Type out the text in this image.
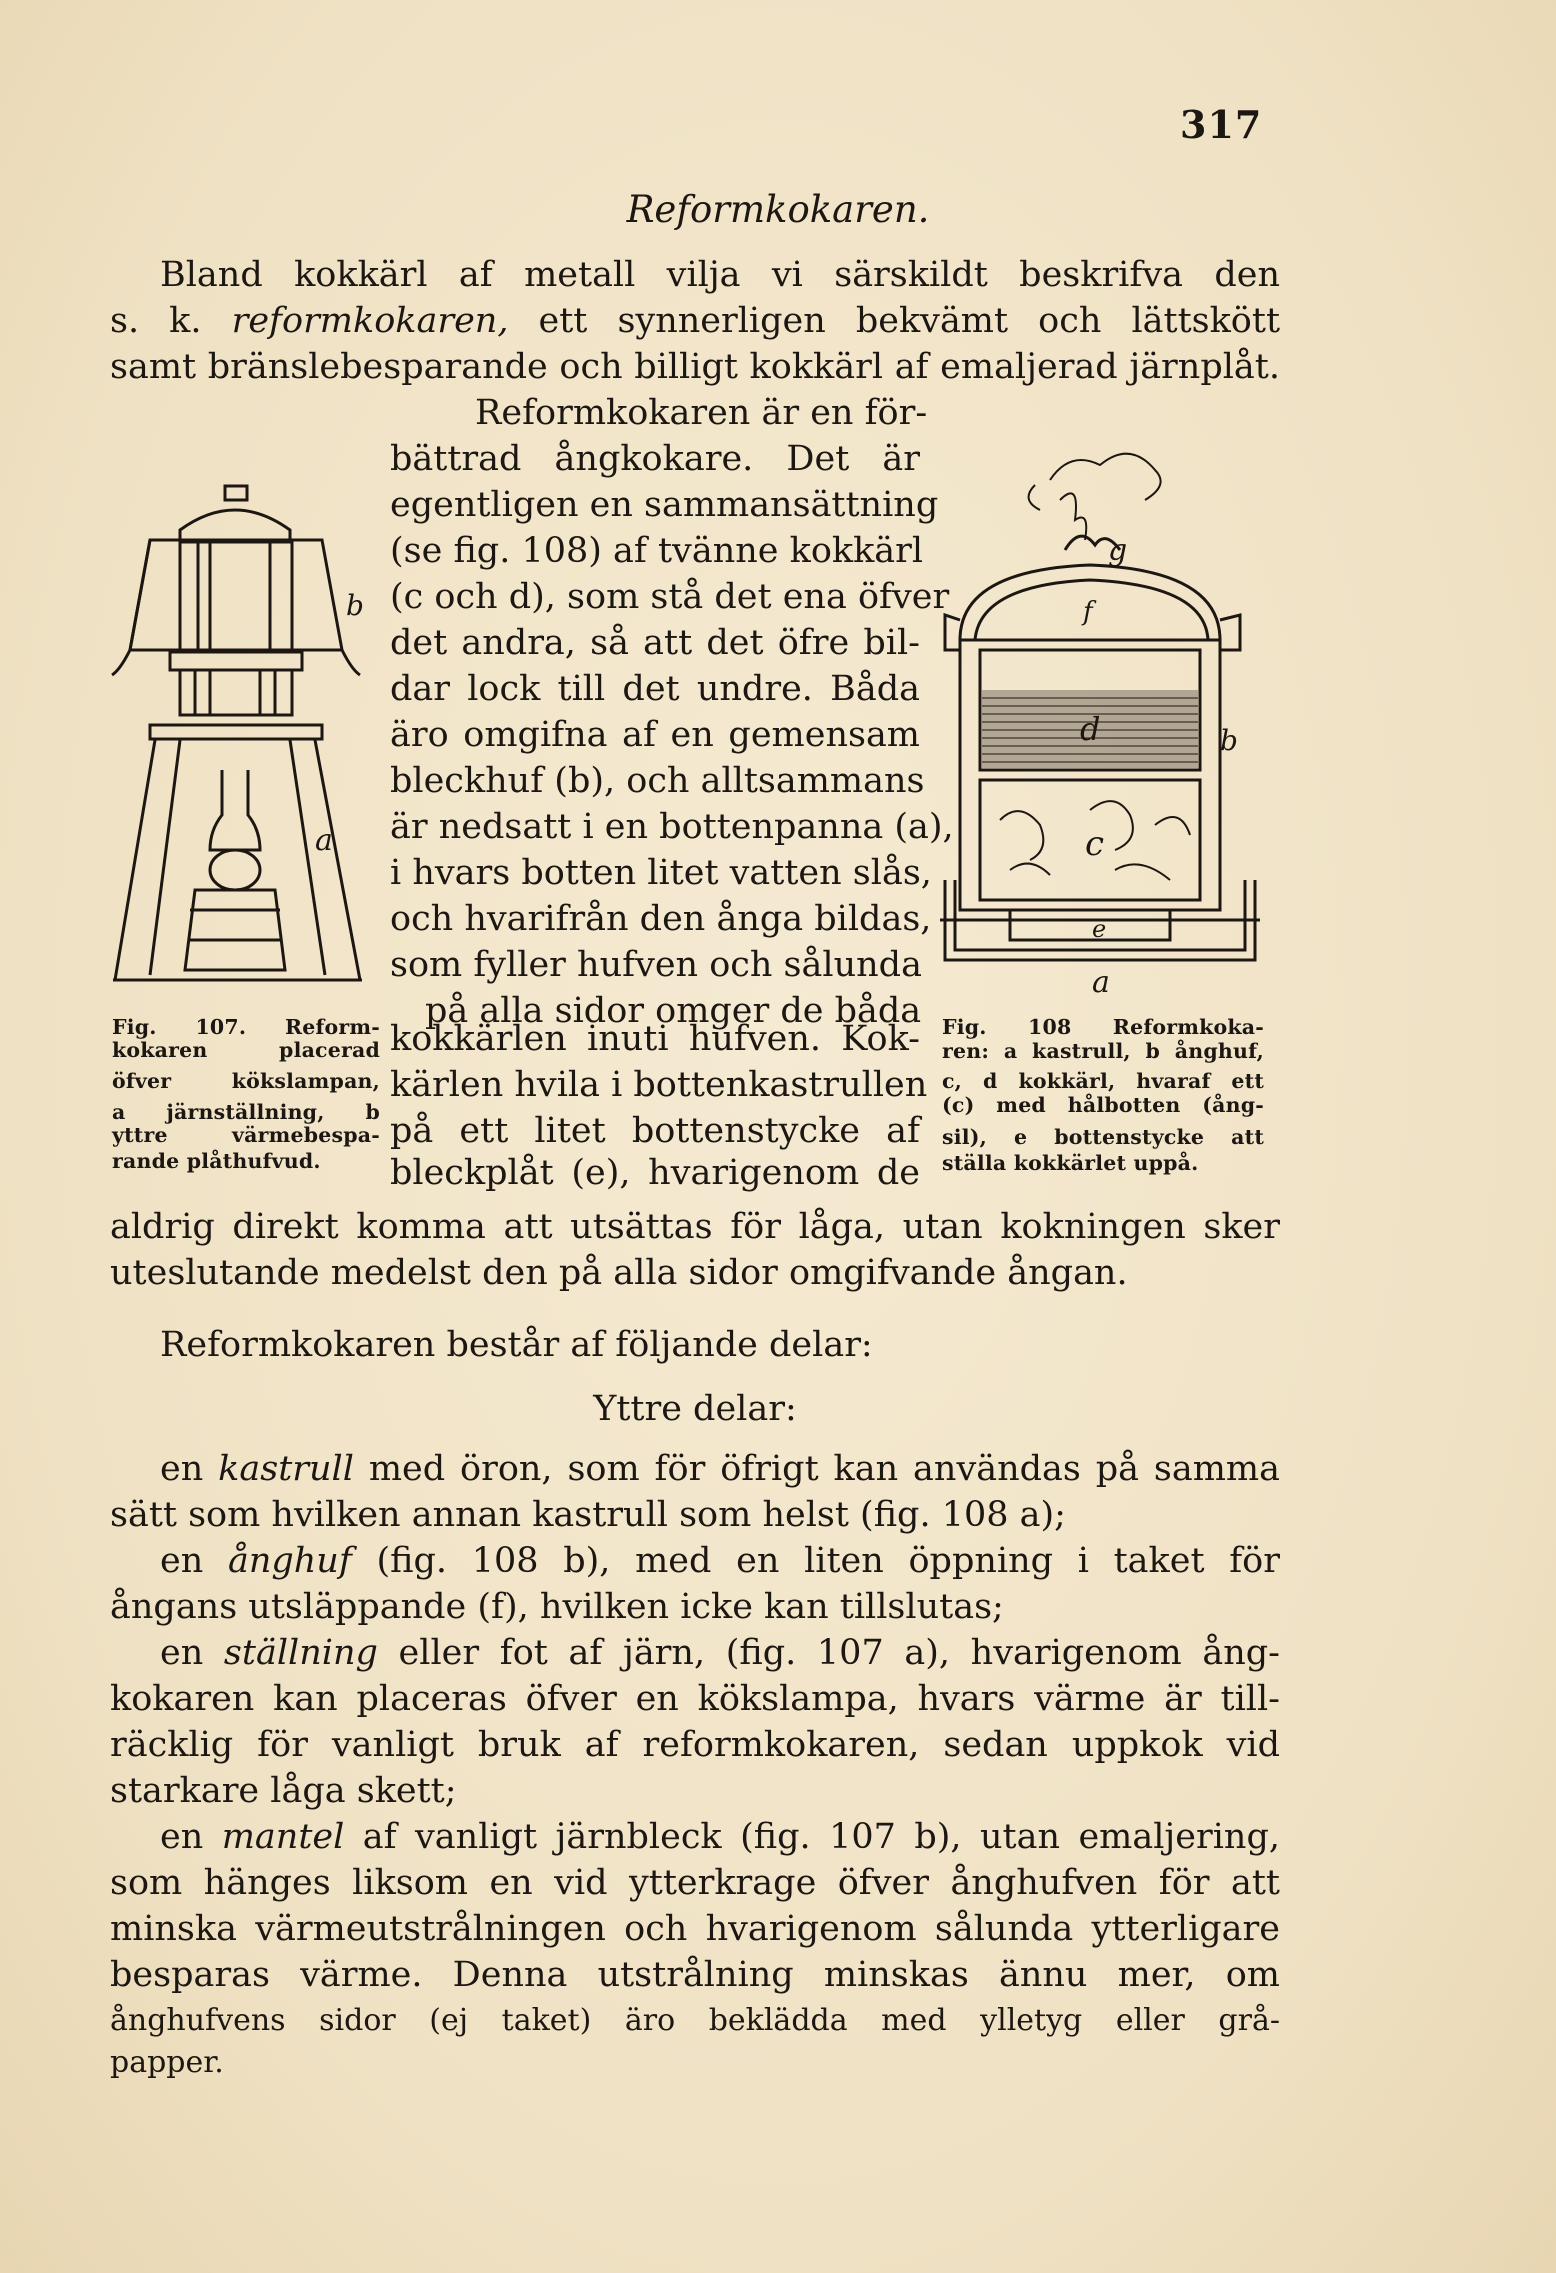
317
Reformkokaren.
Bland kokkärl af metall vilja vi särskildt beskrifva den
s. k. reformkokaren, ett synnerligen bekvämt och lättskött
samt bränslebesparande och billigt kokkärl af emaljerad järnplåt.
Reformkokaren är en för-
bättrad ångkokare. Det är
egentligen en sammansättning
(se fig. 108) af tvänne kokkärl
(c och d), som stå det ena öfver
det andra, så att det öfre bil-
dar lock till det undre. Båda
äro omgifna af en gemensam
bleckhuf (b), och alltsammans
är nedsatt i en bottenpanna (a),
i hvars botten litet vatten slås,
och hvarifrån den ånga bildas,
som fyller hufven och sålunda
på alla sidor omger de båda
kokkärlen inuti hufven. Kok-
kärlen hvila i bottenkastrullen
på ett litet bottenstycke af
bleckplåt (e), hvarigenom de
b
a
g
f
d	b
c
e
a
Fig. 107. Reform-
kokaren placerad
öfver kökslampan,
a järnställning, b
yttre värmebespa-
rande plåthufvud.
Fig. 108 Reformkoka-
ren: a kastrull, b ånghuf,
c, d kokkärl, hvaraf ett
(c) med hålbotten (ång-
sil), e bottenstycke att
ställa kokkärlet uppå.
aldrig direkt komma att utsättas för låga, utan kokningen sker
uteslutande medelst den på alla sidor omgifvande ångan.
Reformkokaren består af följande delar:
Yttre delar:
en kastrull med öron, som för öfrigt kan användas på samma
sätt som hvilken annan kastrull som helst (fig. 108 a);
en ånghuf (fig. 108 b), med en liten öppning i taket för
ångans utsläppande (f), hvilken icke kan tillslutas;
en ställning eller fot af järn, (fig. 107 a), hvarigenom ång-
kokaren kan placeras öfver en kökslampa, hvars värme är till-
räcklig för vanligt bruk af reformkokaren, sedan uppkok vid
starkare låga skett;
en mantel af vanligt järnbleck (fig. 107 b), utan emaljering,
som hänges liksom en vid ytterkrage öfver ånghufven för att
minska värmeutstrålningen och hvarigenom sålunda ytterligare
besparas värme. Denna utstrålning minskas ännu mer, om
ånghufvens sidor (ej taket) äro beklädda med ylletyg eller grå-
papper.
